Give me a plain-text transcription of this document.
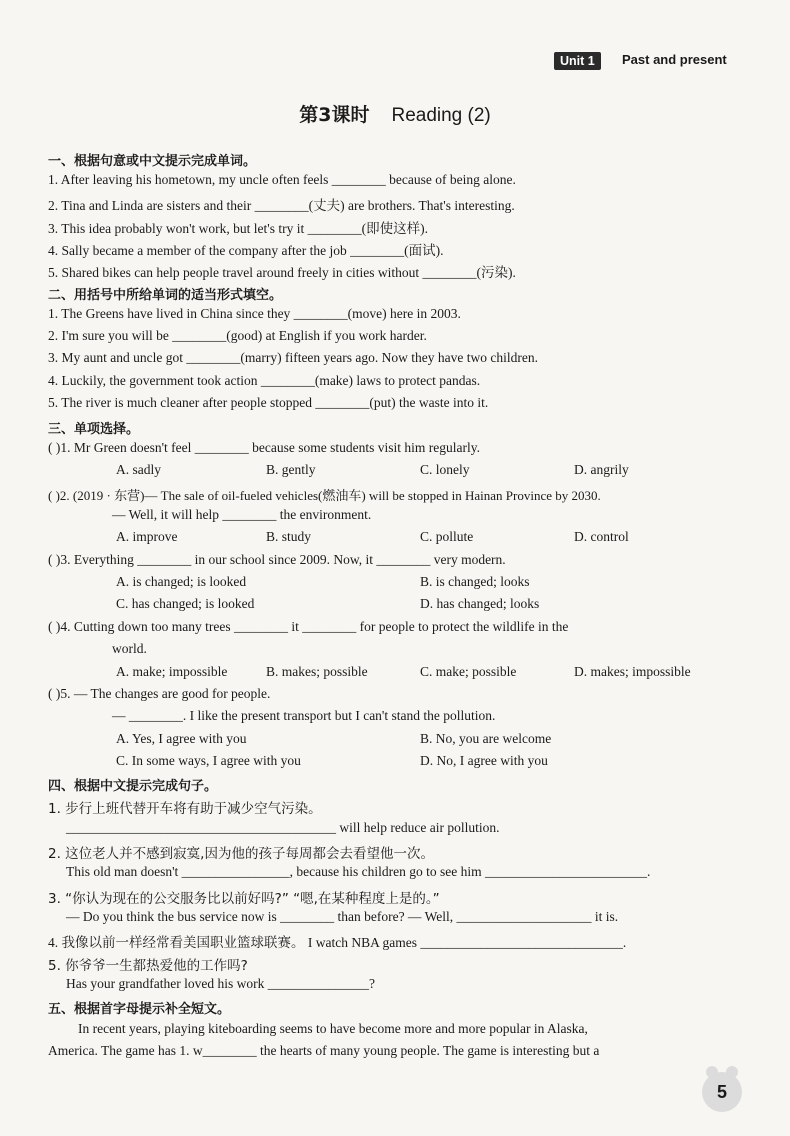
Unit 1	Past and present
第3课时 Reading (2)
一、根据句意或中文提示完成单词。
1. After leaving his hometown, my uncle often feels ________ because of being alone.
2. Tina and Linda are sisters and their ________(丈夫) are brothers. That's interesting.
3. This idea probably won't work, but let's try it ________(即使这样).
4. Sally became a member of the company after the job ________(面试).
5. Shared bikes can help people travel around freely in cities without ________(污染).
二、用括号中所给单词的适当形式填空。
1. The Greens have lived in China since they ________(move) here in 2003.
2. I'm sure you will be ________(good) at English if you work harder.
3. My aunt and uncle got ________(marry) fifteen years ago. Now they have two children.
4. Luckily, the government took action ________(make) laws to protect pandas.
5. The river is much cleaner after people stopped ________(put) the waste into it.
三、单项选择。
( )1. Mr Green doesn't feel ________ because some students visit him regularly.
A. sadly	B. gently	C. lonely	D. angrily
( )2. (2019 · 东营)— The sale of oil-fueled vehicles(燃油车) will be stopped in Hainan Province by 2030.
— Well, it will help ________ the environment.
A. improve	B. study	C. pollute	D. control
( )3. Everything ________ in our school since 2009. Now, it ________ very modern.
A. is changed; is looked	B. is changed; looks
C. has changed; is looked	D. has changed; looks
( )4. Cutting down too many trees ________ it ________ for people to protect the wildlife in the
world.
A. make; impossible	B. makes; possible	C. make; possible	D. makes; impossible
( )5. — The changes are good for people.
— ________. I like the present transport but I can't stand the pollution.
A. Yes, I agree with you	B. No, you are welcome
C. In some ways, I agree with you	D. No, I agree with you
四、根据中文提示完成句子。
1. 步行上班代替开车将有助于减少空气污染。
________________________________________ will help reduce air pollution.
2. 这位老人并不感到寂寞,因为他的孩子每周都会去看望他一次。
This old man doesn't ________________, because his children go to see him ________________________.
3. “你认为现在的公交服务比以前好吗?” “嗯,在某种程度上是的。”
— Do you think the bus service now is ________ than before? — Well, ____________________ it is.
4. 我像以前一样经常看美国职业篮球联赛。 I watch NBA games ______________________________.
5. 你爷爷一生都热爱他的工作吗?
Has your grandfather loved his work _______________?
五、根据首字母提示补全短文。
In recent years, playing kiteboarding seems to have become more and more popular in Alaska,
America. The game has 1. w________ the hearts of many young people. The game is interesting but a
5
